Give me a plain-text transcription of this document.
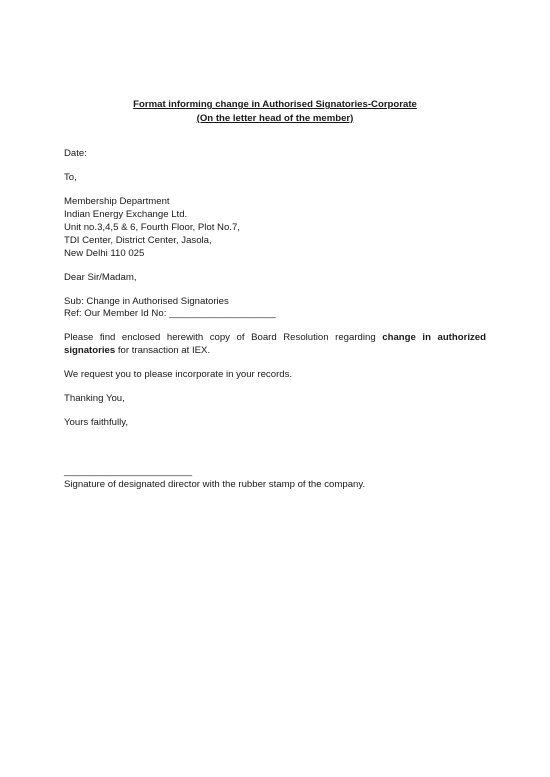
Format informing change in Authorised Signatories-Corporate
(On the letter head of the member)

Date:

To,

Membership Department
Indian Energy Exchange Ltd.
Unit no.3,4,5 & 6, Fourth Floor, Plot No.7,
TDI Center, District Center, Jasola,
New Delhi 110 025

Dear Sir/Madam,

Sub: Change in Authorised Signatories

Ref: Our Member Id No: ____________________

Please find enclosed herewith copy of Board Resolution regarding change in authorized signatories for transaction at IEX.

We request you to please incorporate in your records.

Thanking You,

Yours faithfully,

________________________

Signature of designated director with the rubber stamp of the company.
